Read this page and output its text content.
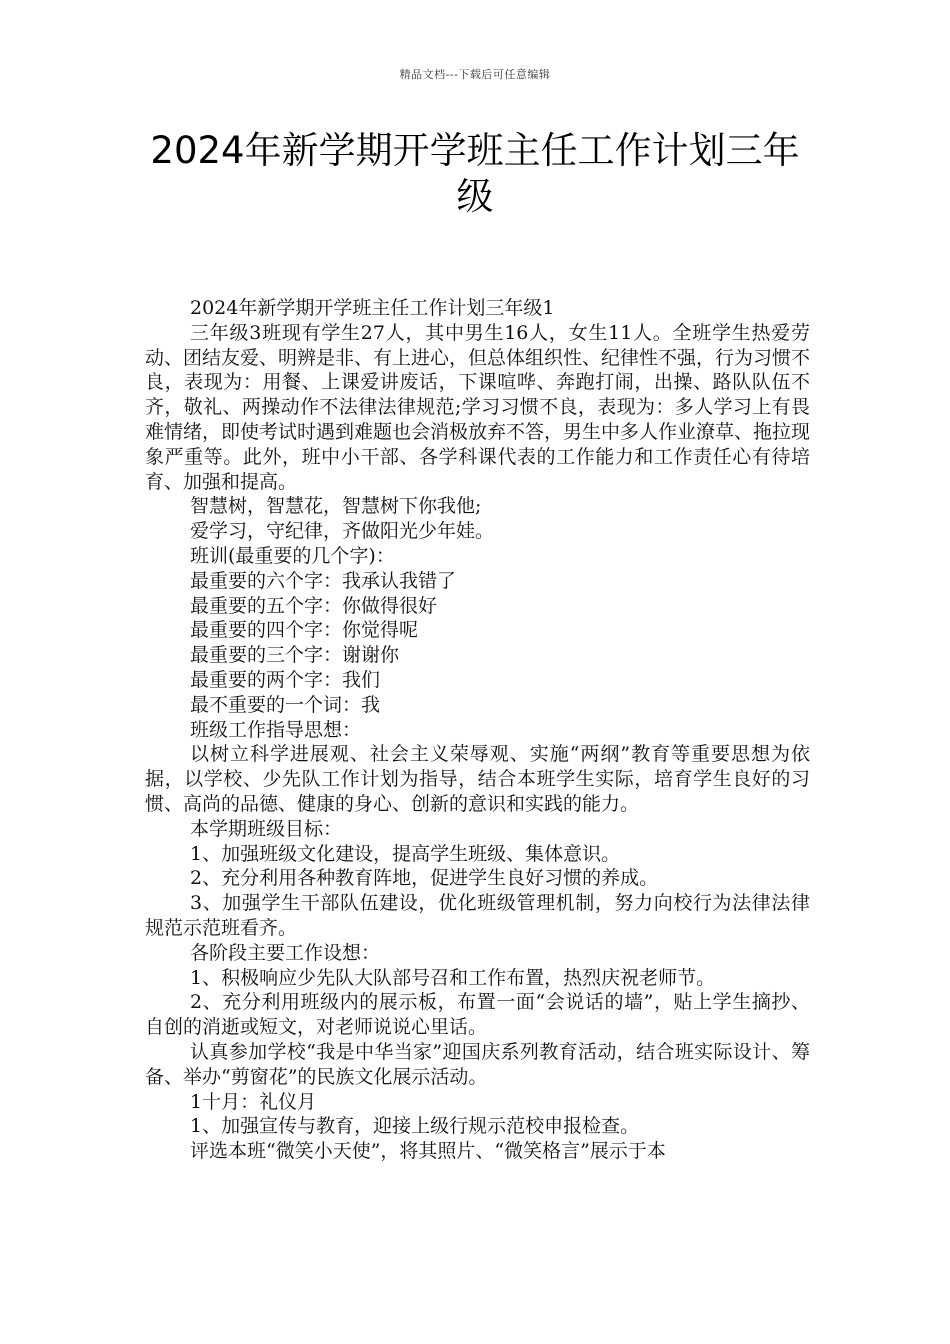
精品文档---下载后可任意编辑
2024年新学期开学班主任工作计划三年级

2024年新学期开学班主任工作计划三年级1

三年级3班现有学生27人，其中男生16人，女生11人。全班学生热爱劳动、团结友爱、明辨是非、有上进心，但总体组织性、纪律性不强，行为习惯不良，表现为：用餐、上课爱讲废话，下课喧哗、奔跑打闹，出操、路队队伍不齐，敬礼、两操动作不法律法律规范;学习习惯不良，表现为：多人学习上有畏难情绪，即使考试时遇到难题也会消极放弃不答，男生中多人作业潦草、拖拉现象严重等。此外，班中小干部、各学科课代表的工作能力和工作责任心有待培育、加强和提高。

智慧树，智慧花，智慧树下你我他;

爱学习，守纪律，齐做阳光少年娃。

班训(最重要的几个字)：

最重要的六个字：我承认我错了

最重要的五个字：你做得很好

最重要的四个字：你觉得呢

最重要的三个字：谢谢你

最重要的两个字：我们

最不重要的一个词：我

班级工作指导思想：

以树立科学进展观、社会主义荣辱观、实施“两纲”教育等重要思想为依据，以学校、少先队工作计划为指导，结合本班学生实际，培育学生良好的习惯、高尚的品德、健康的身心、创新的意识和实践的能力。

本学期班级目标：

1、加强班级文化建设，提高学生班级、集体意识。

2、充分利用各种教育阵地，促进学生良好习惯的养成。

3、加强学生干部队伍建设，优化班级管理机制，努力向校行为法律法律规范示范班看齐。

各阶段主要工作设想：

1、积极响应少先队大队部号召和工作布置，热烈庆祝老师节。

2、充分利用班级内的展示板，布置一面“会说话的墙”，贴上学生摘抄、自创的消逝或短文，对老师说说心里话。

认真参加学校“我是中华当家”迎国庆系列教育活动，结合班实际设计、筹备、举办“剪窗花”的民族文化展示活动。

1十月：礼仪月

1、加强宣传与教育，迎接上级行规示范校申报检查。

评选本班“微笑小天使”，将其照片、“微笑格言”展示于本
